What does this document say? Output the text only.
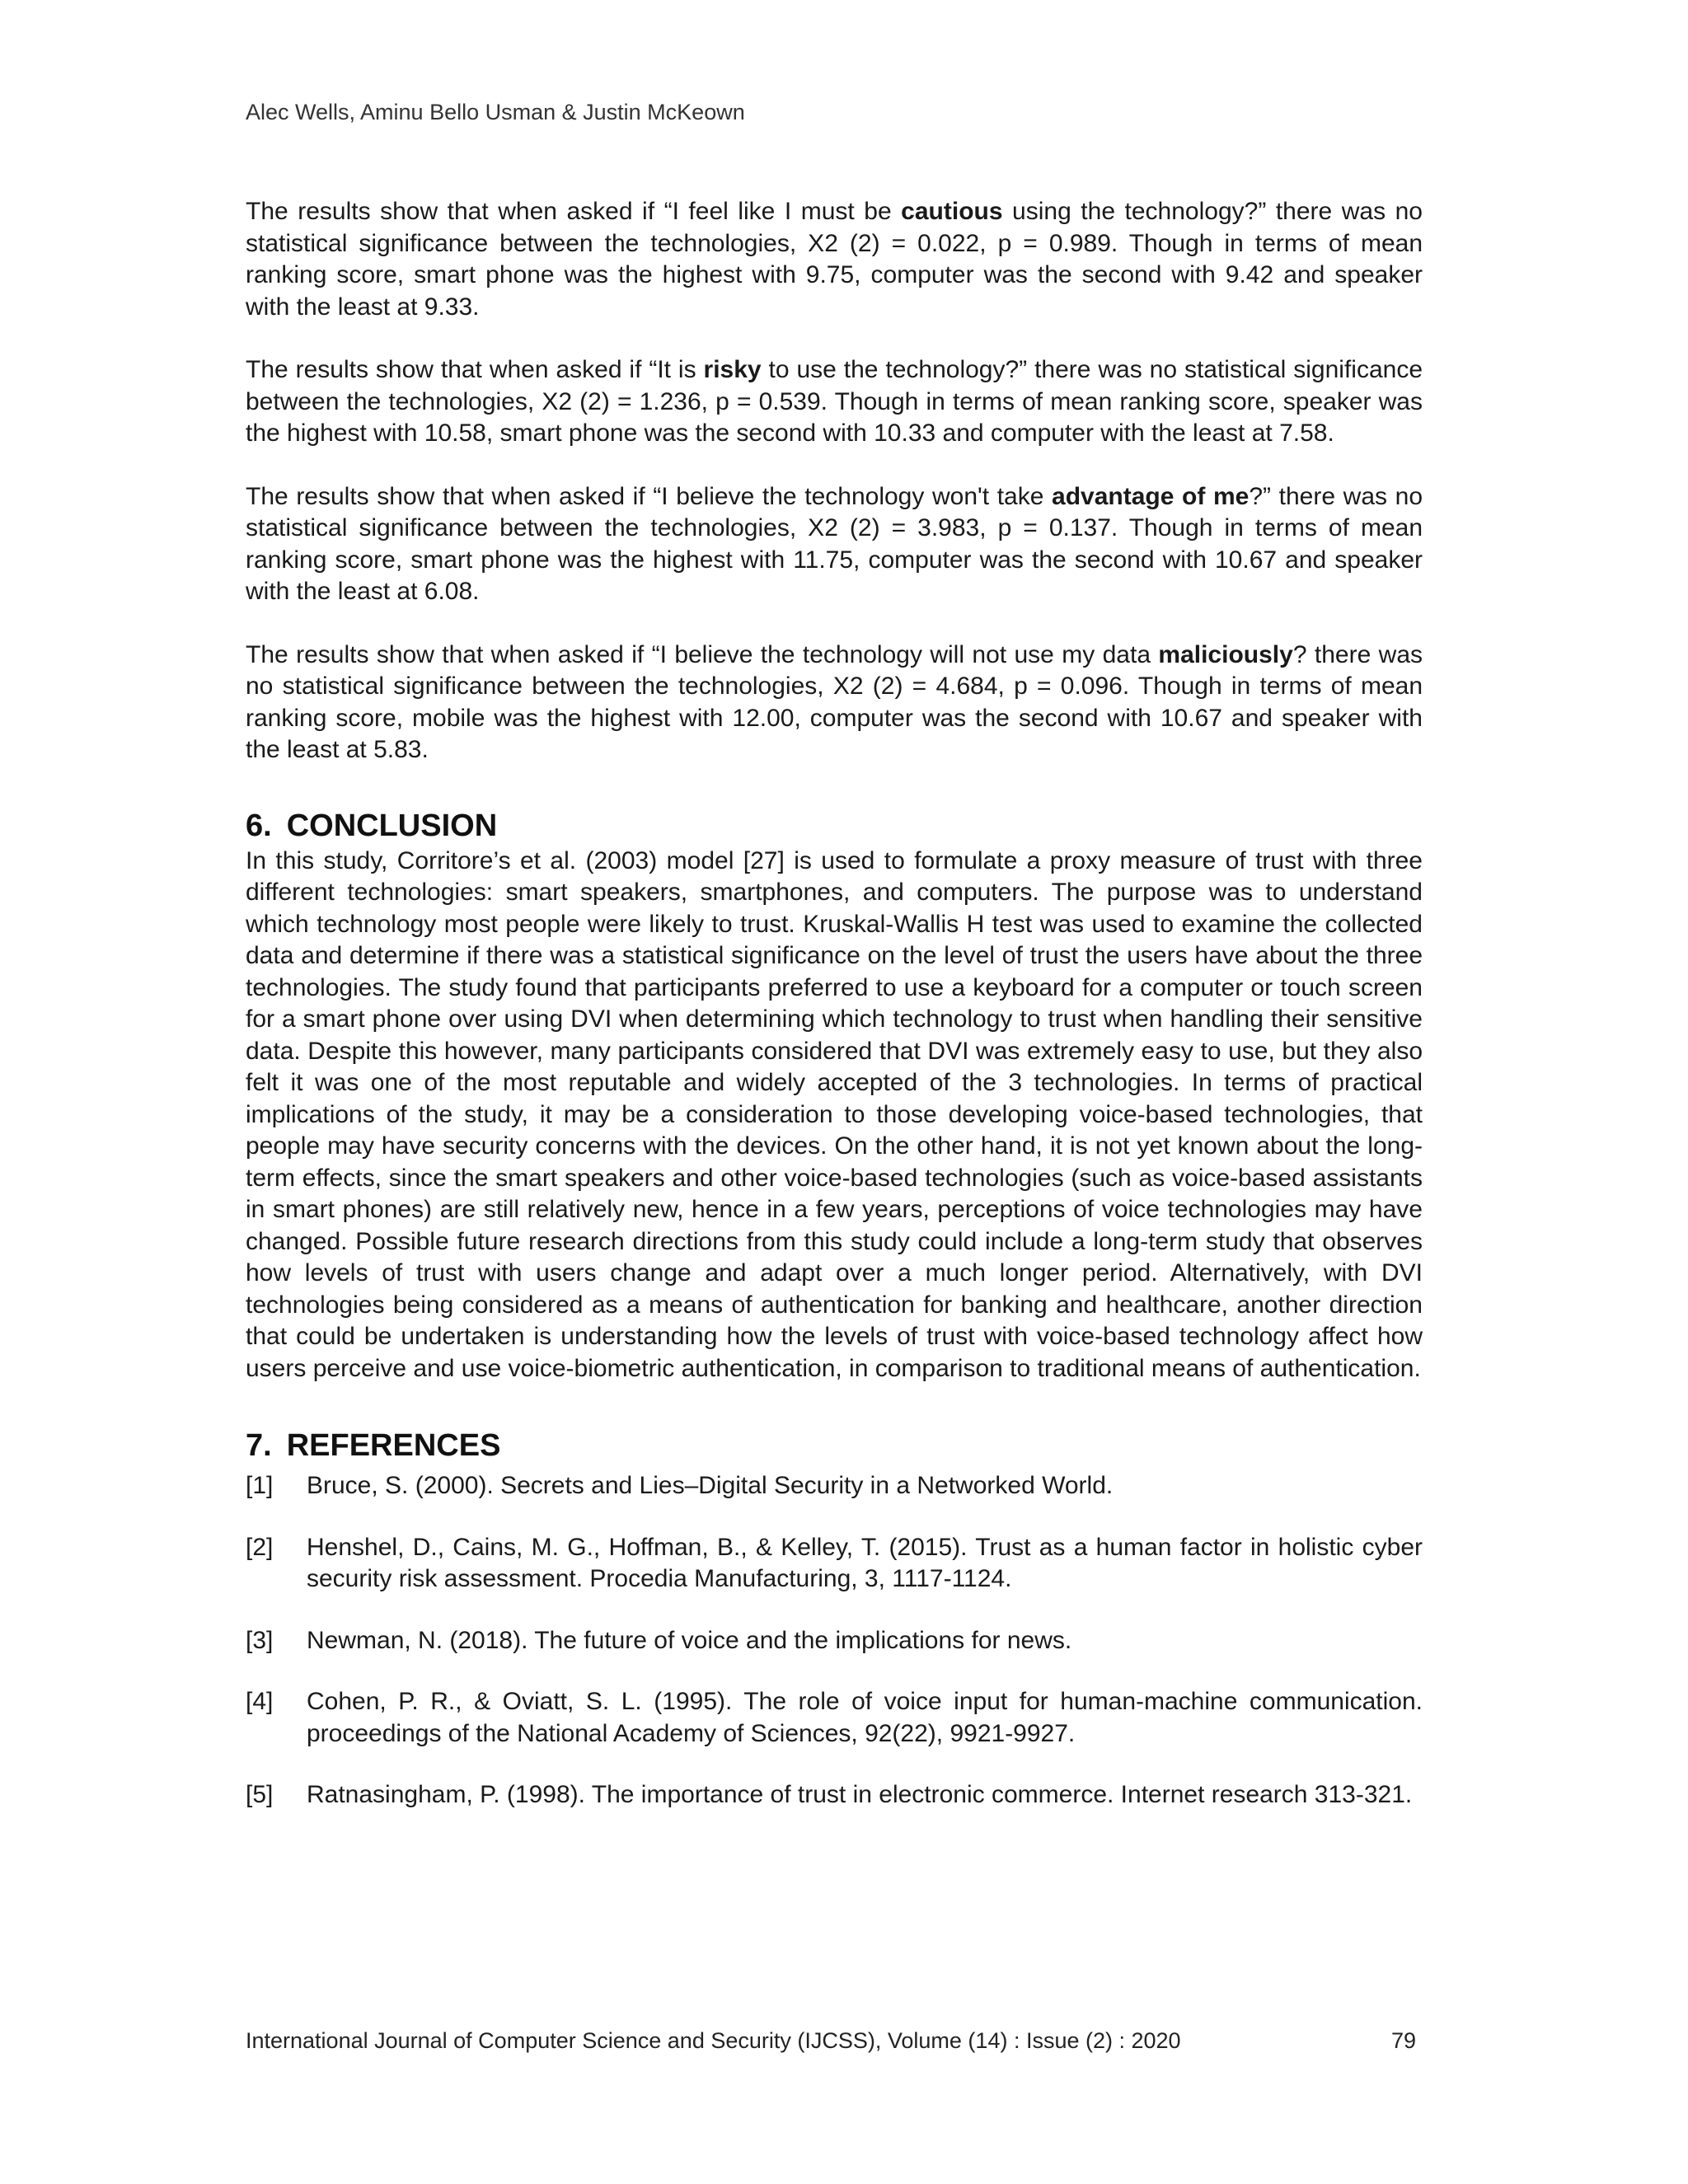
Alec Wells, Aminu Bello Usman & Justin McKeown

The results show that when asked if “I feel like I must be cautious using the technology?” there was no statistical significance between the technologies, X2 (2) = 0.022, p = 0.989. Though in terms of mean ranking score, smart phone was the highest with 9.75, computer was the second with 9.42 and speaker with the least at 9.33.

The results show that when asked if “It is risky to use the technology?” there was no statistical significance between the technologies, X2 (2) = 1.236, p = 0.539. Though in terms of mean ranking score, speaker was the highest with 10.58, smart phone was the second with 10.33 and computer with the least at 7.58.

The results show that when asked if “I believe the technology won't take advantage of me?” there was no statistical significance between the technologies, X2 (2) = 3.983, p = 0.137. Though in terms of mean ranking score, smart phone was the highest with 11.75, computer was the second with 10.67 and speaker with the least at 6.08.

The results show that when asked if “I believe the technology will not use my data maliciously? there was no statistical significance between the technologies, X2 (2) = 4.684, p = 0.096. Though in terms of mean ranking score, mobile was the highest with 12.00, computer was the second with 10.67 and speaker with the least at 5.83.

6. CONCLUSION

In this study, Corritore’s et al. (2003) model [27] is used to formulate a proxy measure of trust with three different technologies: smart speakers, smartphones, and computers. The purpose was to understand which technology most people were likely to trust. Kruskal-Wallis H test was used to examine the collected data and determine if there was a statistical significance on the level of trust the users have about the three technologies. The study found that participants preferred to use a keyboard for a computer or touch screen for a smart phone over using DVI when determining which technology to trust when handling their sensitive data. Despite this however, many participants considered that DVI was extremely easy to use, but they also felt it was one of the most reputable and widely accepted of the 3 technologies. In terms of practical implications of the study, it may be a consideration to those developing voice-based technologies, that people may have security concerns with the devices. On the other hand, it is not yet known about the long-term effects, since the smart speakers and other voice-based technologies (such as voice-based assistants in smart phones) are still relatively new, hence in a few years, perceptions of voice technologies may have changed. Possible future research directions from this study could include a long-term study that observes how levels of trust with users change and adapt over a much longer period. Alternatively, with DVI technologies being considered as a means of authentication for banking and healthcare, another direction that could be undertaken is understanding how the levels of trust with voice-based technology affect how users perceive and use voice-biometric authentication, in comparison to traditional means of authentication.

7. REFERENCES
[1]	Bruce, S. (2000). Secrets and Lies–Digital Security in a Networked World.
[2]	Henshel, D., Cains, M. G., Hoffman, B., & Kelley, T. (2015). Trust as a human factor in holistic cyber security risk assessment. Procedia Manufacturing, 3, 1117-1124.
[3]	Newman, N. (2018). The future of voice and the implications for news.
[4]	Cohen, P. R., & Oviatt, S. L. (1995). The role of voice input for human-machine communication. proceedings of the National Academy of Sciences, 92(22), 9921-9927.
[5]	Ratnasingham, P. (1998). The importance of trust in electronic commerce. Internet research 313-321.
International Journal of Computer Science and Security (IJCSS), Volume (14) : Issue (2) : 2020	79
